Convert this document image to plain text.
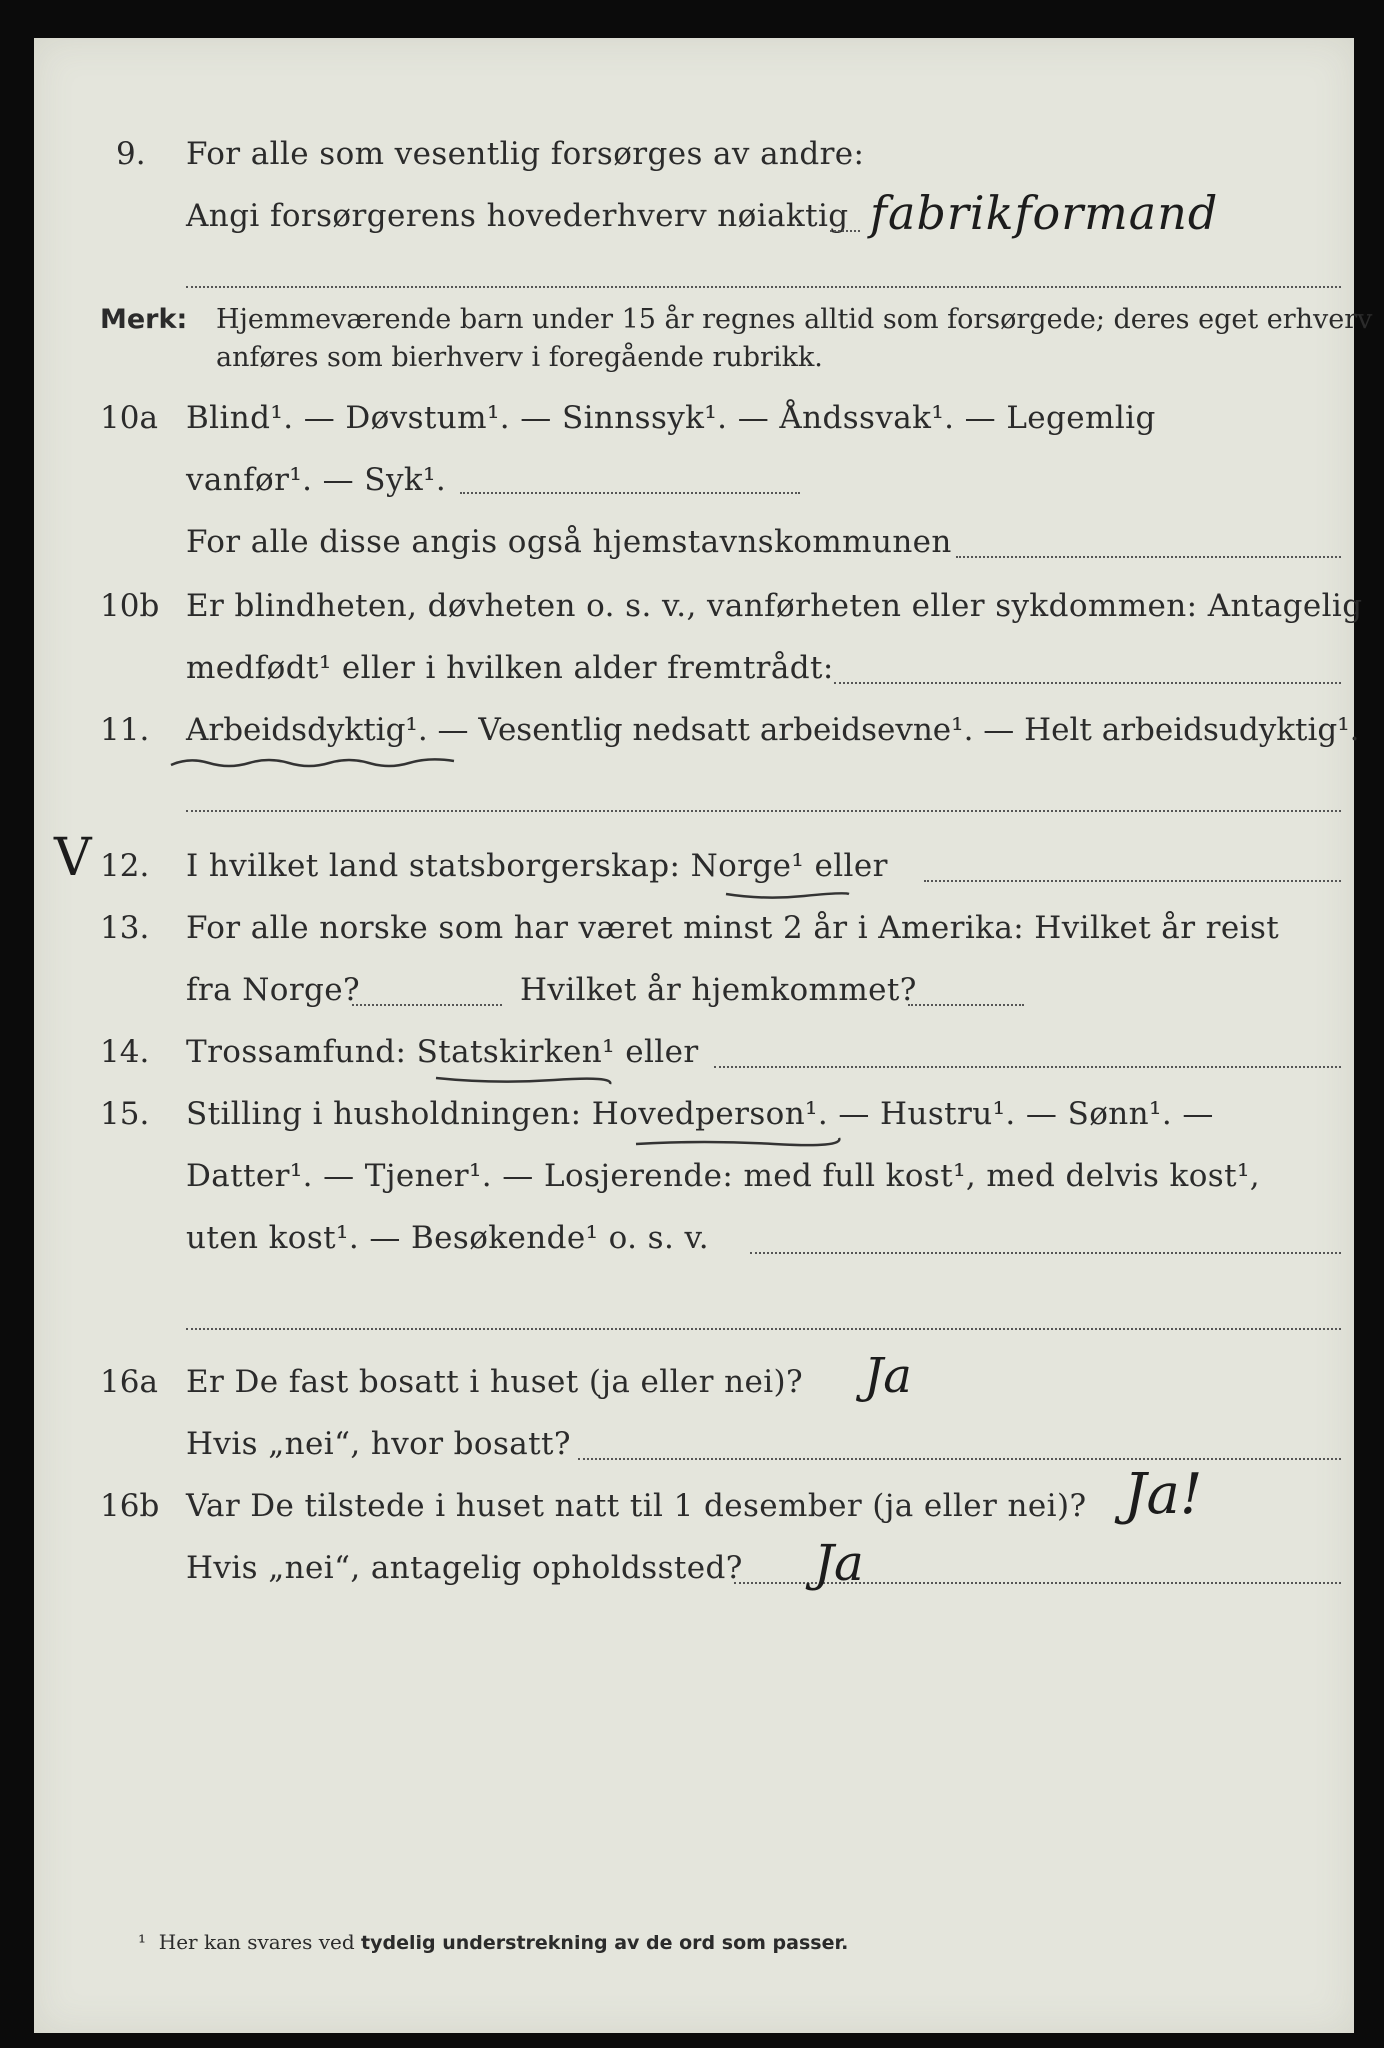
9. For alle som vesentlig forsørges av andre:
Angi forsørgerens hovederhverv nøiaktig fabrikformand
Merk: Hjemmeværende barn under 15 år regnes alltid som forsørgede; deres eget erhverv
anføres som bierhverv i foregående rubrikk.
10a Blind¹. — Døvstum¹. — Sinnssyk¹. — Åndssvak¹. — Legemlig
vanfør¹. — Syk¹.
For alle disse angis også hjemstavnskommunen
10b Er blindheten, døvheten o. s. v., vanførheten eller sykdommen: Antagelig
medfødt¹ eller i hvilken alder fremtrådt:
11. Arbeidsdyktig¹. — Vesentlig nedsatt arbeidsevne¹. — Helt arbeidsudyktig¹.
V 12. I hvilket land statsborgerskap: Norge¹ eller
13. For alle norske som har været minst 2 år i Amerika: Hvilket år reist
fra Norge?	Hvilket år hjemkommet?
14. Trossamfund: Statskirken¹ eller
15. Stilling i husholdningen: Hovedperson¹. — Hustru¹. — Sønn¹. —
Datter¹. — Tjener¹. — Losjerende: med full kost¹, med delvis kost¹,
uten kost¹. — Besøkende¹ o. s. v.
16a Er De fast bosatt i huset (ja eller nei)? Ja
Hvis „nei“, hvor bosatt?
16b Var De tilstede i huset natt til 1 desember (ja eller nei)? Ja!
Hvis „nei“, antagelig opholdssted? Ja
¹ Her kan svares ved tydelig understrekning av de ord som passer.
